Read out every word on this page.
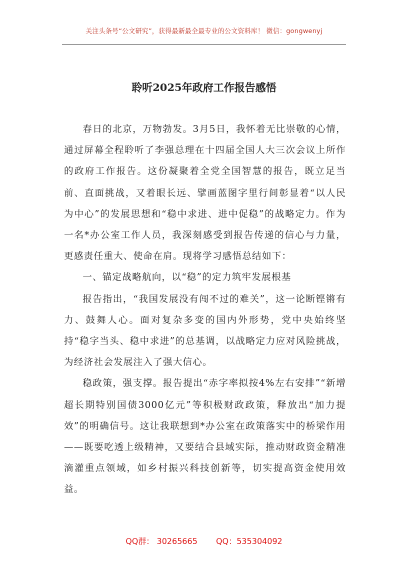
关注头条号“公文研究”，获得最新最全最专业的公文资料库！ 微信：gongwenyj
聆听2025年政府工作报告感悟

春日的北京，万物勃发。3月5日，我怀着无比崇敬的心情，通过屏幕全程聆听了李强总理在十四届全国人大三次会议上所作的政府工作报告。这份凝聚着全党全国智慧的报告，既立足当前、直面挑战，又着眼长远、擘画蓝图字里行间彰显着“以人民为中心”的发展思想和“稳中求进、进中促稳”的战略定力。作为一名*办公室工作人员，我深刻感受到报告传递的信心与力量，更感责任重大、使命在肩。现将学习感悟总结如下：

一、锚定战略航向，以“稳”的定力筑牢发展根基

报告指出，“我国发展没有闯不过的难关”，这一论断铿锵有力、鼓舞人心。面对复杂多变的国内外形势，党中央始终坚持“稳字当头、稳中求进”的总基调，以战略定力应对风险挑战，为经济社会发展注入了强大信心。

稳政策，强支撑。报告提出“赤字率拟按4%左右安排”“新增超长期特别国债3000亿元”等积极财政政策，释放出“加力提效”的明确信号。这让我联想到*办公室在政策落实中的桥梁作用——既要吃透上级精神，又要结合县域实际，推动财政资金精准滴灌重点领域，如乡村振兴科技创新等，切实提高资金使用效益。

QQ群： 30265665 QQ：535304092
